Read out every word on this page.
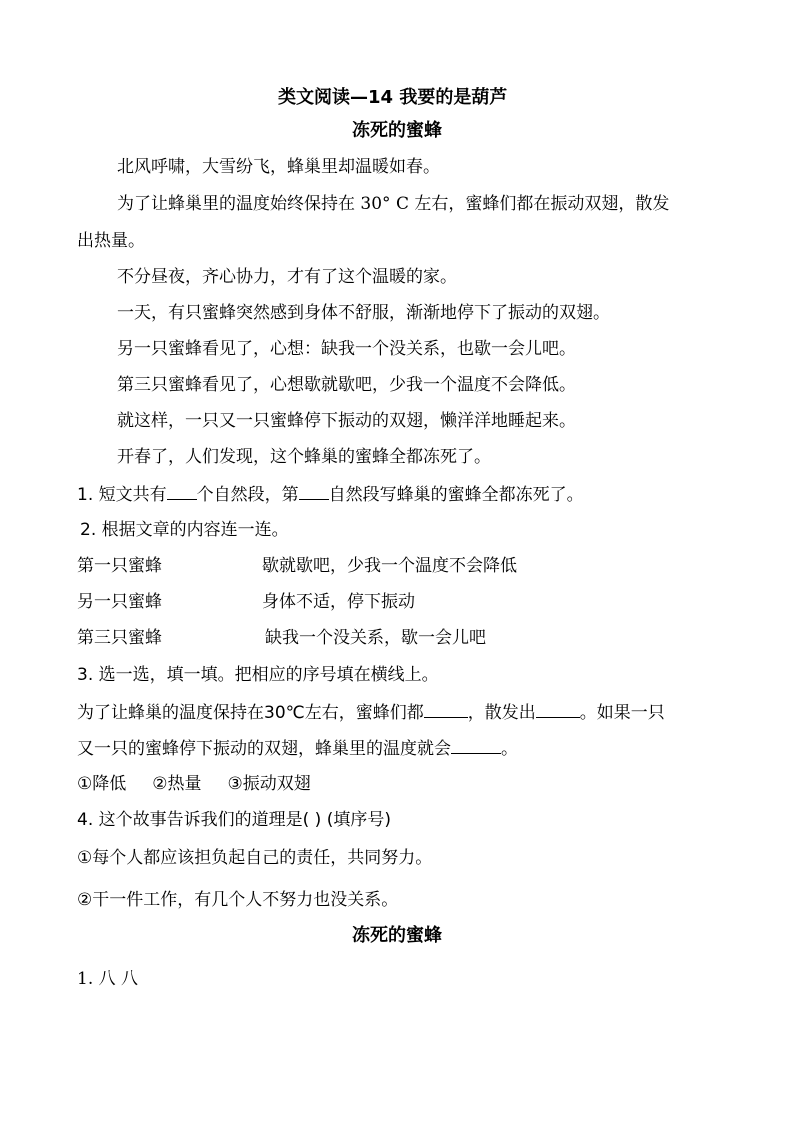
类文阅读—14 我要的是葫芦
冻死的蜜蜂
北风呼啸，大雪纷飞，蜂巢里却温暖如春。
为了让蜂巢里的温度始终保持在 30° C 左右，蜜蜂们都在振动双翅，散发
出热量。
不分昼夜，齐心协力，才有了这个温暖的家。
一天，有只蜜蜂突然感到身体不舒服，渐渐地停下了振动的双翅。
另一只蜜蜂看见了，心想：缺我一个没关系，也歇一会儿吧。
第三只蜜蜂看见了，心想歇就歇吧，少我一个温度不会降低。
就这样，一只又一只蜜蜂停下振动的双翅，懒洋洋地睡起来。
开春了，人们发现，这个蜂巢的蜜蜂全都冻死了。
1. 短文共有 个自然段，第 自然段写蜂巢的蜜蜂全都冻死了。
2. 根据文章的内容连一连。
第一只蜜蜂	歇就歇吧，少我一个温度不会降低
另一只蜜蜂	身体不适，停下振动
第三只蜜蜂	缺我一个没关系，歇一会儿吧
3. 选一选，填一填。把相应的序号填在横线上。
为了让蜂巢的温度保持在30℃左右，蜜蜂们都	，散发出	。如果一只
又一只的蜜蜂停下振动的双翅，蜂巢里的温度就会	。
①降低 ②热量 ③振动双翅
4. 这个故事告诉我们的道理是( ) (填序号)
①每个人都应该担负起自己的责任，共同努力。
②干一件工作，有几个人不努力也没关系。
冻死的蜜蜂
1. 八 八
